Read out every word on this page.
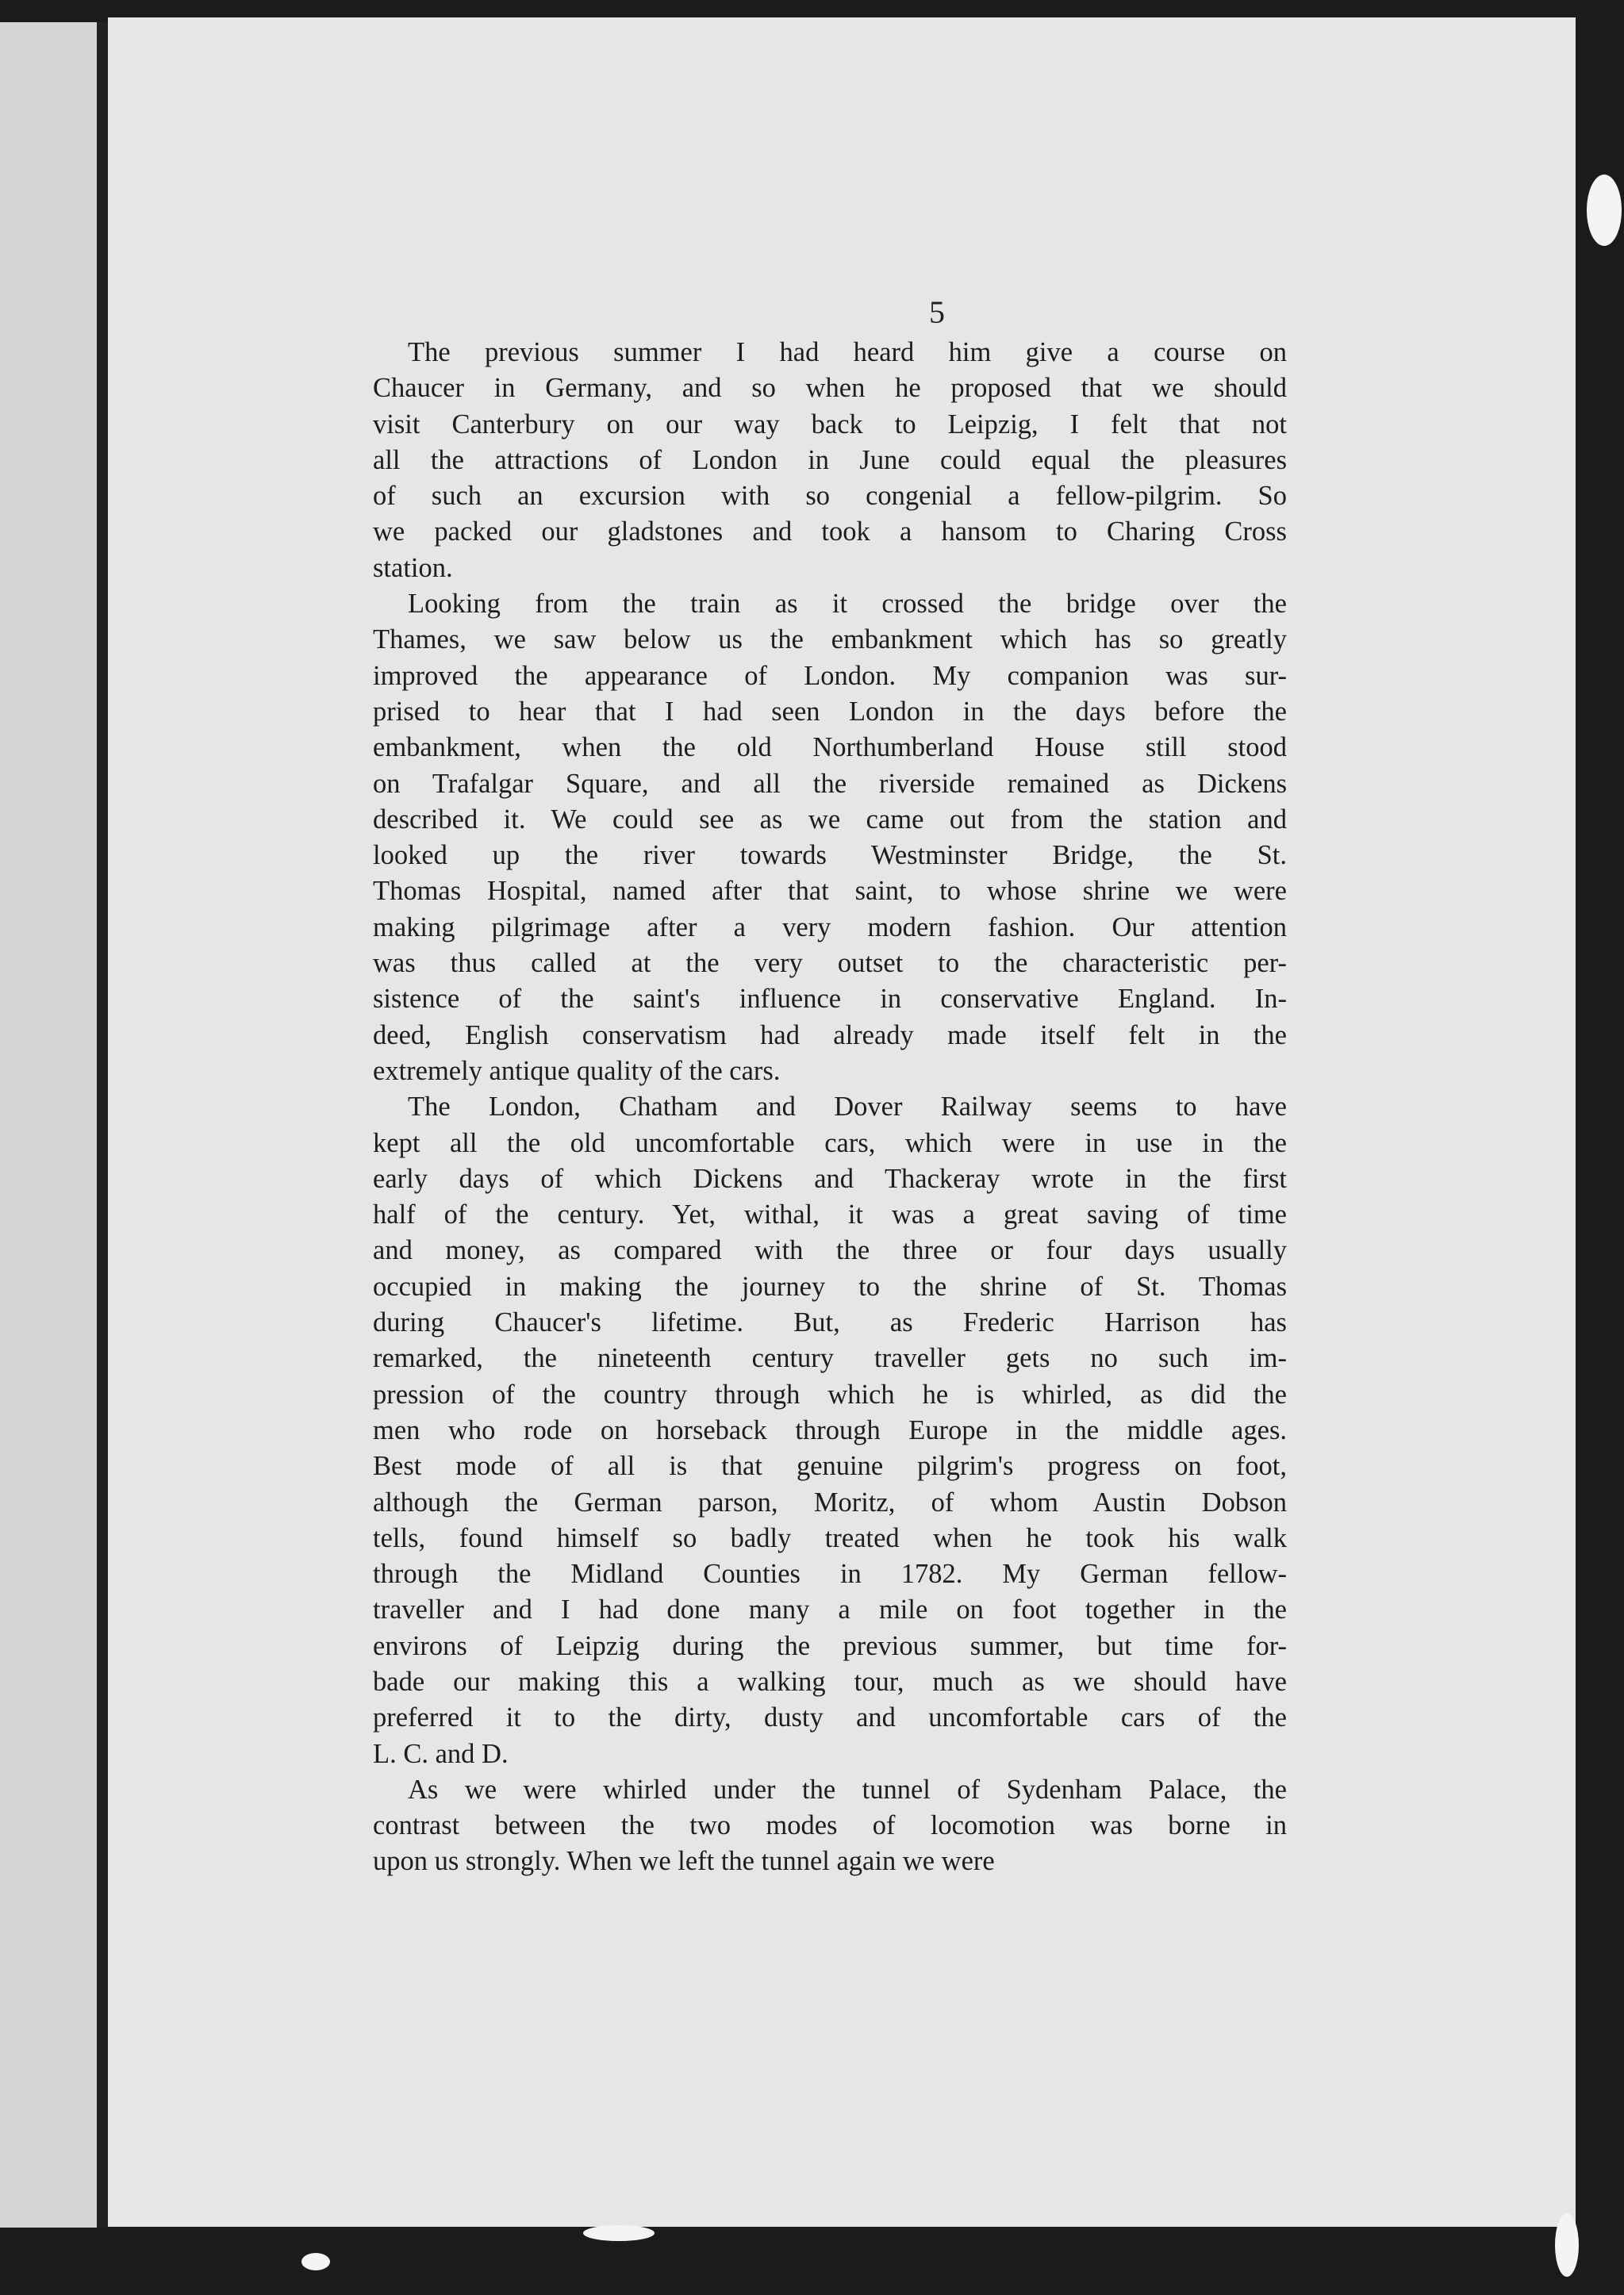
5

The previous summer I had heard him give a course on
Chaucer in Germany, and so when he proposed that we should
visit Canterbury on our way back to Leipzig, I felt that not
all the attractions of London in June could equal the pleasures
of such an excursion with so congenial a fellow-pilgrim. So
we packed our gladstones and took a hansom to Charing Cross
station.

Looking from the train as it crossed the bridge over the
Thames, we saw below us the embankment which has so greatly
improved the appearance of London. My companion was sur-
prised to hear that I had seen London in the days before the
embankment, when the old Northumberland House still stood
on Trafalgar Square, and all the riverside remained as Dickens
described it. We could see as we came out from the station and
looked up the river towards Westminster Bridge, the St.
Thomas Hospital, named after that saint, to whose shrine we were
making pilgrimage after a very modern fashion. Our attention
was thus called at the very outset to the characteristic per-
sistence of the saint's influence in conservative England. In-
deed, English conservatism had already made itself felt in the
extremely antique quality of the cars.

The London, Chatham and Dover Railway seems to have
kept all the old uncomfortable cars, which were in use in the
early days of which Dickens and Thackeray wrote in the first
half of the century. Yet, withal, it was a great saving of time
and money, as compared with the three or four days usually
occupied in making the journey to the shrine of St. Thomas
during Chaucer's lifetime. But, as Frederic Harrison has
remarked, the nineteenth century traveller gets no such im-
pression of the country through which he is whirled, as did the
men who rode on horseback through Europe in the middle ages.
Best mode of all is that genuine pilgrim's progress on foot,
although the German parson, Moritz, of whom Austin Dobson
tells, found himself so badly treated when he took his walk
through the Midland Counties in 1782. My German fellow-
traveller and I had done many a mile on foot together in the
environs of Leipzig during the previous summer, but time for-
bade our making this a walking tour, much as we should have
preferred it to the dirty, dusty and uncomfortable cars of the
L. C. and D.

As we were whirled under the tunnel of Sydenham Palace, the
contrast between the two modes of locomotion was borne in
upon us strongly. When we left the tunnel again we were
